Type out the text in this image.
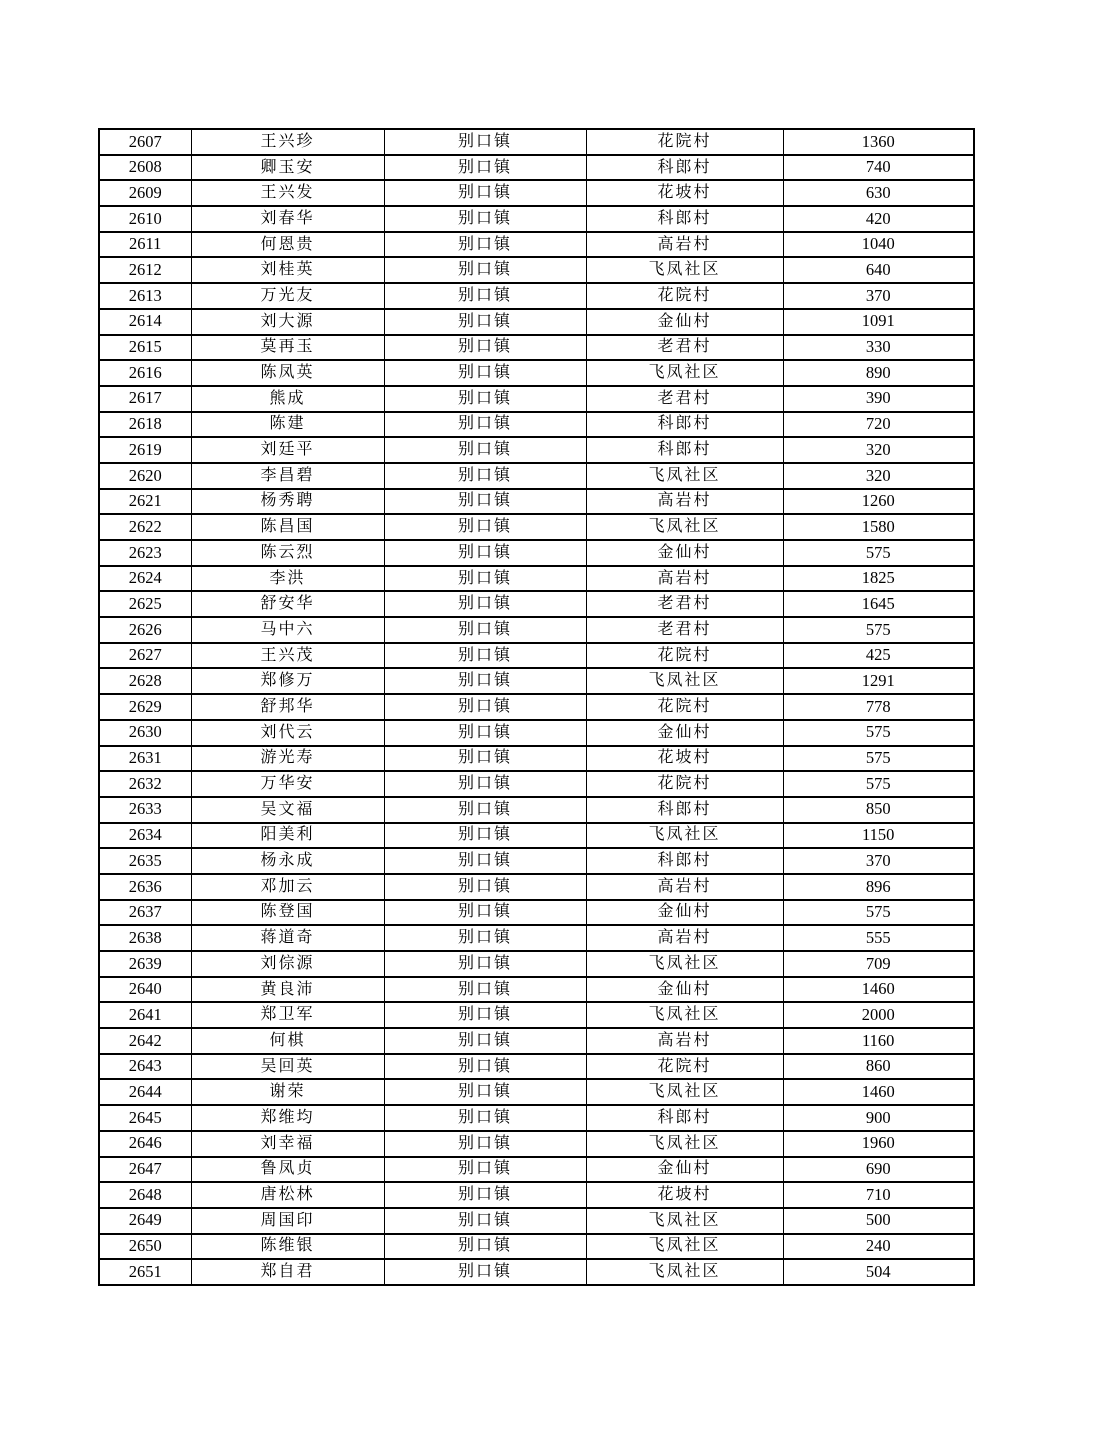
2607	王兴珍	别口镇	花院村	1360
2608	卿玉安	别口镇	科郎村	740
2609	王兴发	别口镇	花坡村	630
2610	刘春华	别口镇	科郎村	420
2611	何恩贵	别口镇	高岩村	1040
2612	刘桂英	别口镇	飞凤社区	640
2613	万光友	别口镇	花院村	370
2614	刘大源	别口镇	金仙村	1091
2615	莫再玉	别口镇	老君村	330
2616	陈凤英	别口镇	飞凤社区	890
2617	熊成	别口镇	老君村	390
2618	陈建	别口镇	科郎村	720
2619	刘廷平	别口镇	科郎村	320
2620	李昌碧	别口镇	飞凤社区	320
2621	杨秀聘	别口镇	高岩村	1260
2622	陈昌国	别口镇	飞凤社区	1580
2623	陈云烈	别口镇	金仙村	575
2624	李洪	别口镇	高岩村	1825
2625	舒安华	别口镇	老君村	1645
2626	马中六	别口镇	老君村	575
2627	王兴茂	别口镇	花院村	425
2628	郑修万	别口镇	飞凤社区	1291
2629	舒邦华	别口镇	花院村	778
2630	刘代云	别口镇	金仙村	575
2631	游光寿	别口镇	花坡村	575
2632	万华安	别口镇	花院村	575
2633	吴文福	别口镇	科郎村	850
2634	阳美利	别口镇	飞凤社区	1150
2635	杨永成	别口镇	科郎村	370
2636	邓加云	别口镇	高岩村	896
2637	陈登国	别口镇	金仙村	575
2638	蒋道奇	别口镇	高岩村	555
2639	刘倧源	别口镇	飞凤社区	709
2640	黄良沛	别口镇	金仙村	1460
2641	郑卫军	别口镇	飞凤社区	2000
2642	何棋	别口镇	高岩村	1160
2643	吴回英	别口镇	花院村	860
2644	谢荣	别口镇	飞凤社区	1460
2645	郑维均	别口镇	科郎村	900
2646	刘幸福	别口镇	飞凤社区	1960
2647	鲁凤贞	别口镇	金仙村	690
2648	唐松林	别口镇	花坡村	710
2649	周国印	别口镇	飞凤社区	500
2650	陈维银	别口镇	飞凤社区	240
2651	郑自君	别口镇	飞凤社区	504
